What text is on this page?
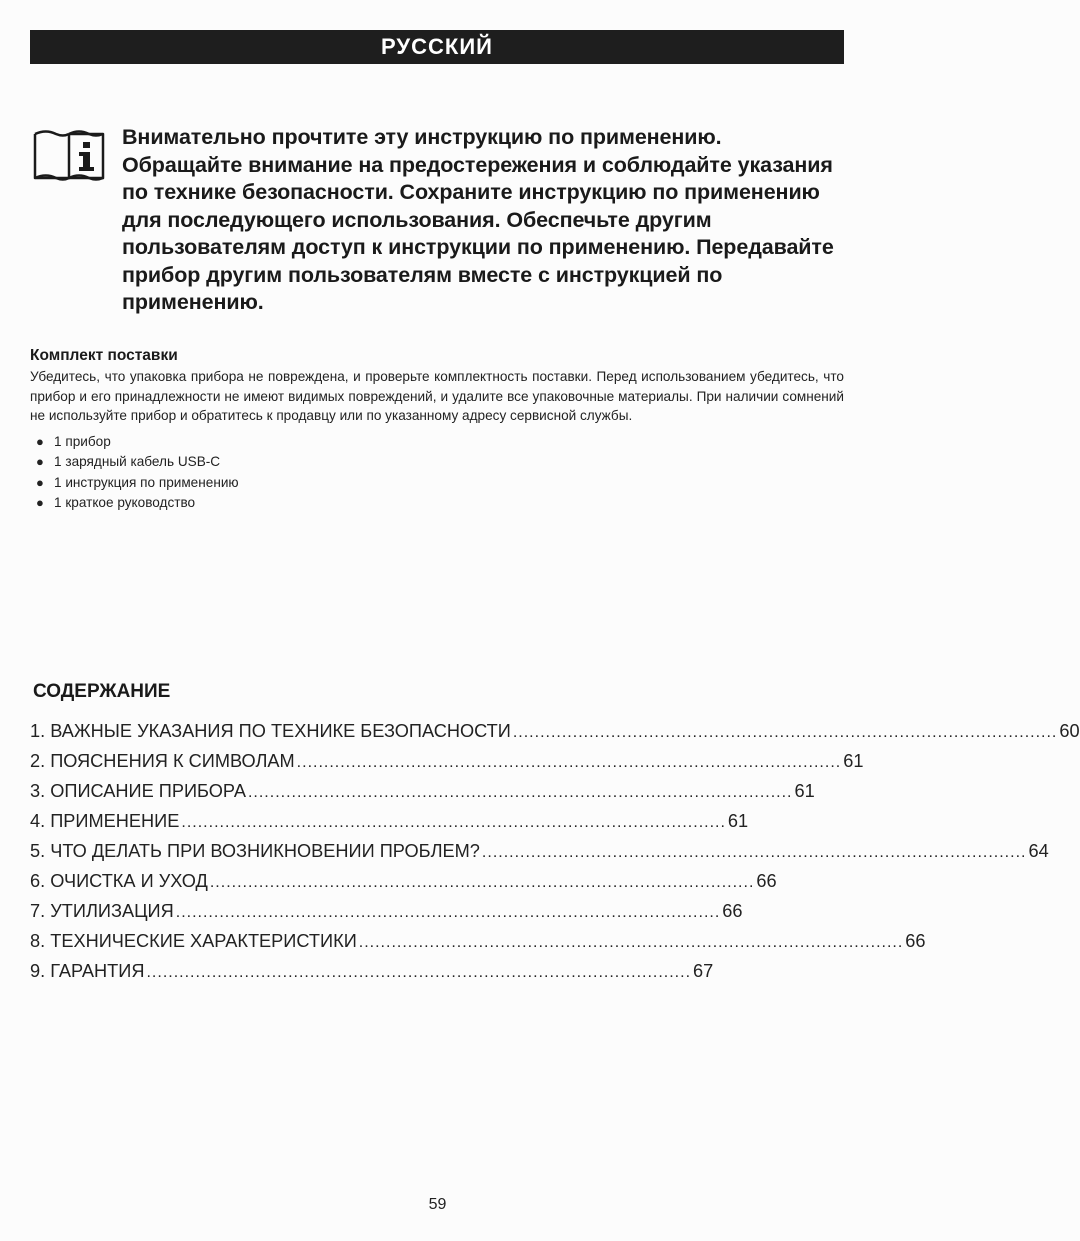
РУССКИЙ
Внимательно прочтите эту инструкцию по применению. Обращайте внимание на предостережения и соблюдайте указания по технике безопасности. Сохраните инструкцию по применению для последующего использования. Обеспечьте другим пользователям доступ к инструкции по применению. Передавайте прибор другим пользователям вместе с инструкцией по применению.
Комплект поставки
Убедитесь, что упаковка прибора не повреждена, и проверьте комплектность поставки. Перед использованием убедитесь, что прибор и его принадлежности не имеют видимых повреждений, и удалите все упаковочные материалы. При наличии сомнений не используйте прибор и обратитесь к продавцу или по указанному адресу сервисной службы.
● 1 прибор
● 1 зарядный кабель USB-C
● 1 инструкция по применению
● 1 краткое руководство
СОДЕРЖАНИЕ
1. ВАЖНЫЕ УКАЗАНИЯ ПО ТЕХНИКЕ БЕЗОПАСНОСТИ .................................................................................................... 60
2. ПОЯСНЕНИЯ К СИМВОЛАМ .................................................................................................... 61
3. ОПИСАНИЕ ПРИБОРА .................................................................................................... 61
4. ПРИМЕНЕНИЕ .................................................................................................... 61
5. ЧТО ДЕЛАТЬ ПРИ ВОЗНИКНОВЕНИИ ПРОБЛЕМ? .................................................................................................... 64
6. ОЧИСТКА И УХОД .................................................................................................... 66
7. УТИЛИЗАЦИЯ .................................................................................................... 66
8. ТЕХНИЧЕСКИЕ ХАРАКТЕРИСТИКИ .................................................................................................... 66
9. ГАРАНТИЯ .................................................................................................... 67
59
